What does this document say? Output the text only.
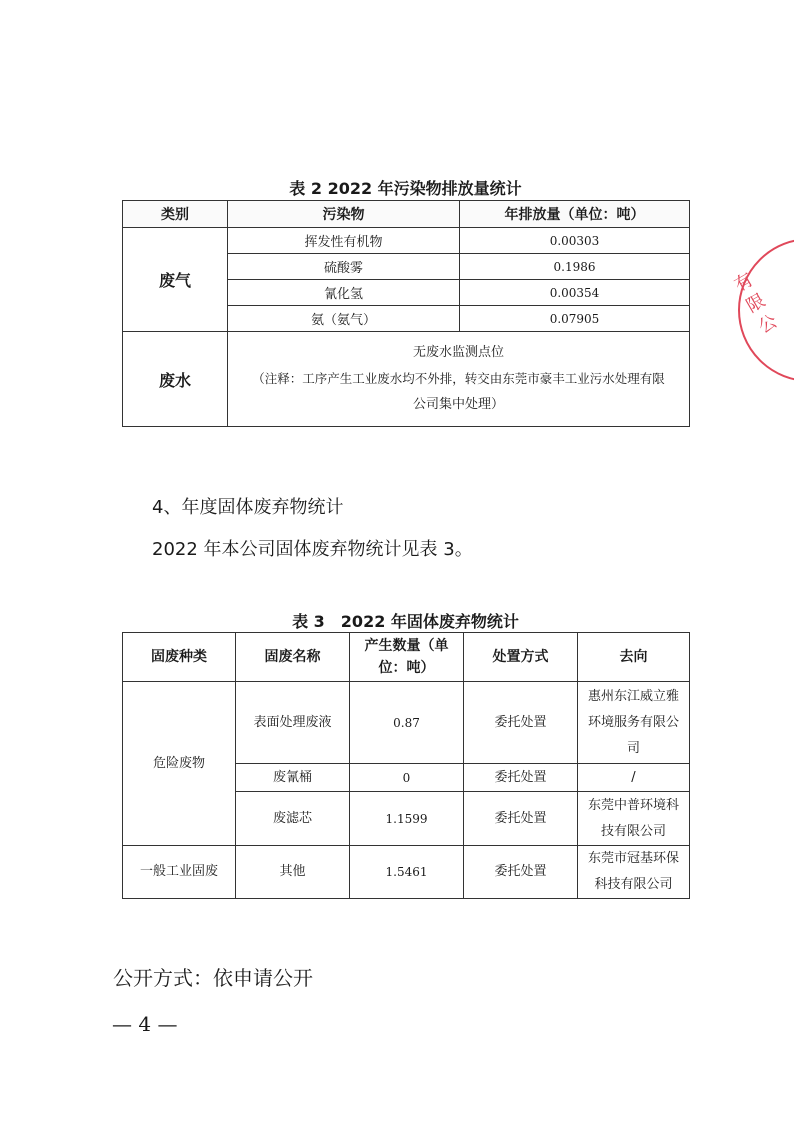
表 2 2022 年污染物排放量统计
类别	污染物	年排放量（单位：吨）
废气	挥发性有机物	0.00303
	硫酸雾	0.1986
	氰化氢	0.00354
	氨（氨气）	0.07905
废水	无废水监测点位
（注释：工序产生工业废水均不外排，转交由东莞市豪丰工业污水处理有限
公司集中处理）	
4、年度固体废弃物统计
2022 年本公司固体废弃物统计见表 3。
表 3　2022 年固体废弃物统计
固废种类	固废名称	产生数量（单位：吨）	处置方式	去向
危险废物	表面处理废液	0.87	委托处置	惠州东江威立雅环境服务有限公司
	废氰桶	0	委托处置	/
	废滤芯	1.1599	委托处置	东莞中普环境科技有限公司
一般工业固废	其他	1.5461	委托处置	东莞市冠基环保科技有限公司
公开方式：依申请公开
— 4 —
有限公
